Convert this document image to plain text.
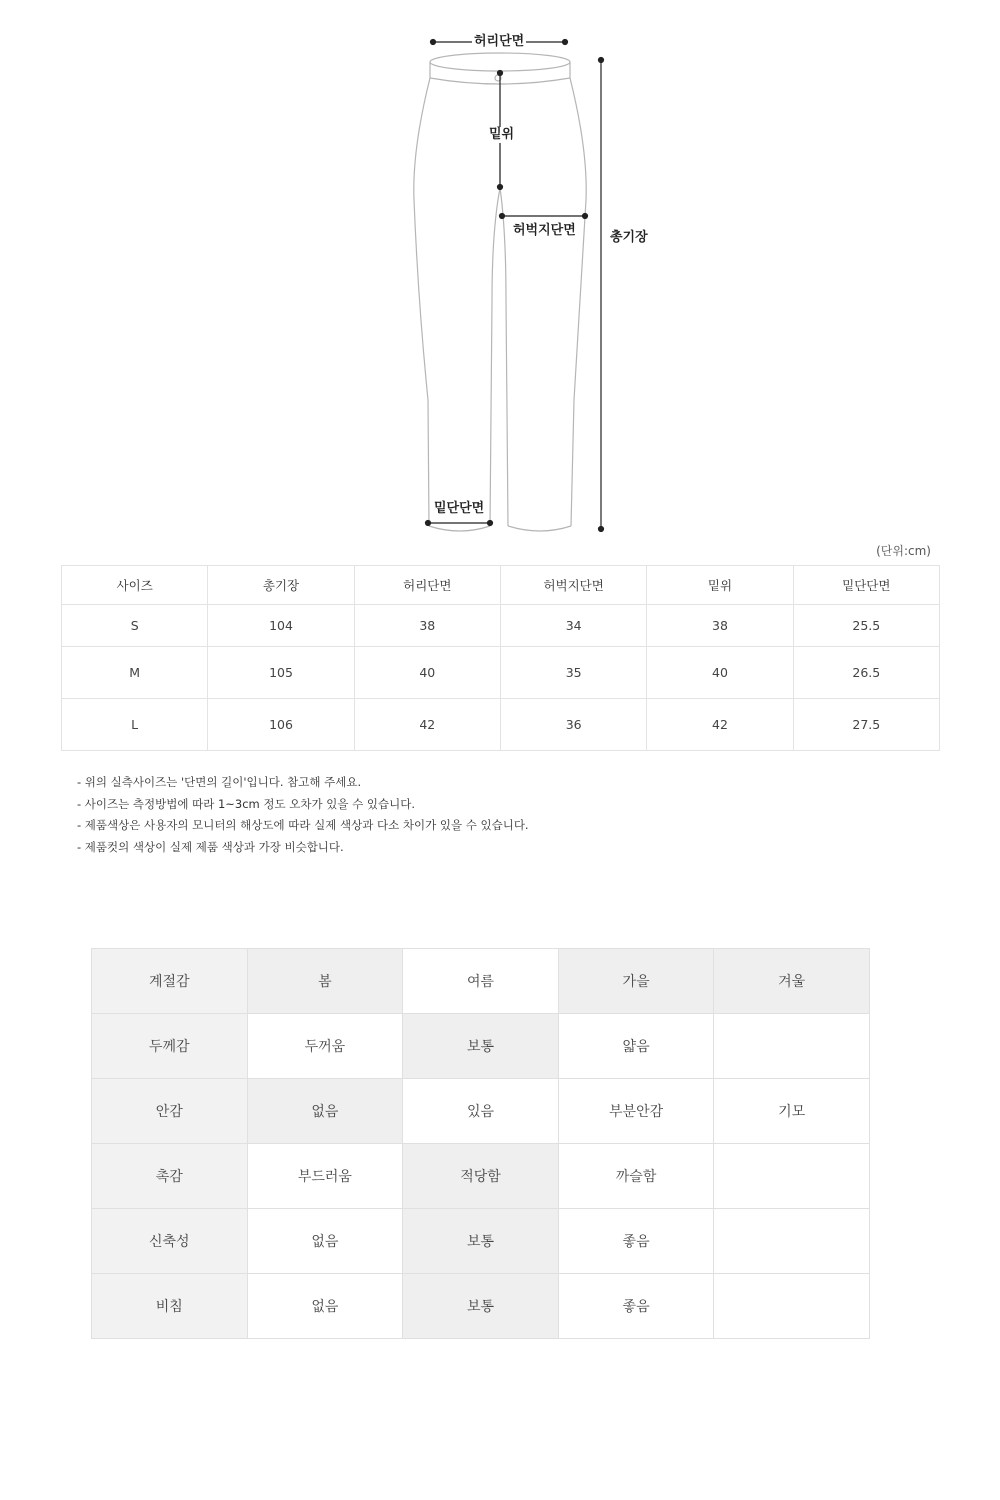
허리단면
밑위
허벅지단면	총기장
밑단단면
(단위:cm)
사이즈	총기장	허리단면	허벅지단면	밑위	밑단단면
S	104	38	34	38	25.5
M	105	40	35	40	26.5
L	106	42	36	42	27.5

- 위의 실측사이즈는 '단면의 길이'입니다. 참고해 주세요.

- 사이즈는 측정방법에 따라 1~3cm 정도 오차가 있을 수 있습니다.

- 제품색상은 사용자의 모니터의 해상도에 따라 실제 색상과 다소 차이가 있을 수 있습니다.

- 제품컷의 색상이 실제 제품 색상과 가장 비슷합니다.

계절감	봄	여름	가을	겨울
두께감	두꺼움	보통	얇음	
안감	없음	있음	부분안감	기모
촉감	부드러움	적당함	까슬함	
신축성	없음	보통	좋음	
비침	없음	보통	좋음	
